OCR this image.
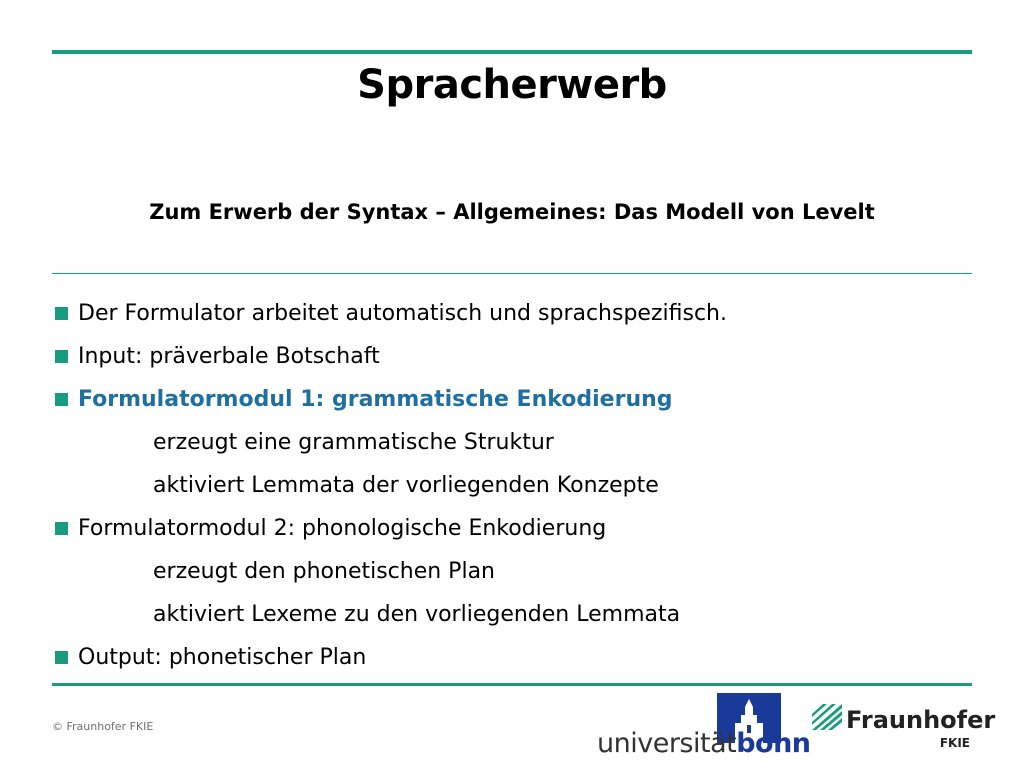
Spracherwerb
Zum Erwerb der Syntax – Allgemeines: Das Modell von Levelt
Der Formulator arbeitet automatisch und sprachspezifisch.
Input: präverbale Botschaft
Formulatormodul 1: grammatische Enkodierung
erzeugt eine grammatische Struktur
aktiviert Lemmata der vorliegenden Konzepte
Formulatormodul 2: phonologische Enkodierung
erzeugt den phonetischen Plan
aktiviert Lexeme zu den vorliegenden Lemmata
Output: phonetischer Plan
© Fraunhofer FKIE
universitätbonn
Fraunhofer
FKIE
